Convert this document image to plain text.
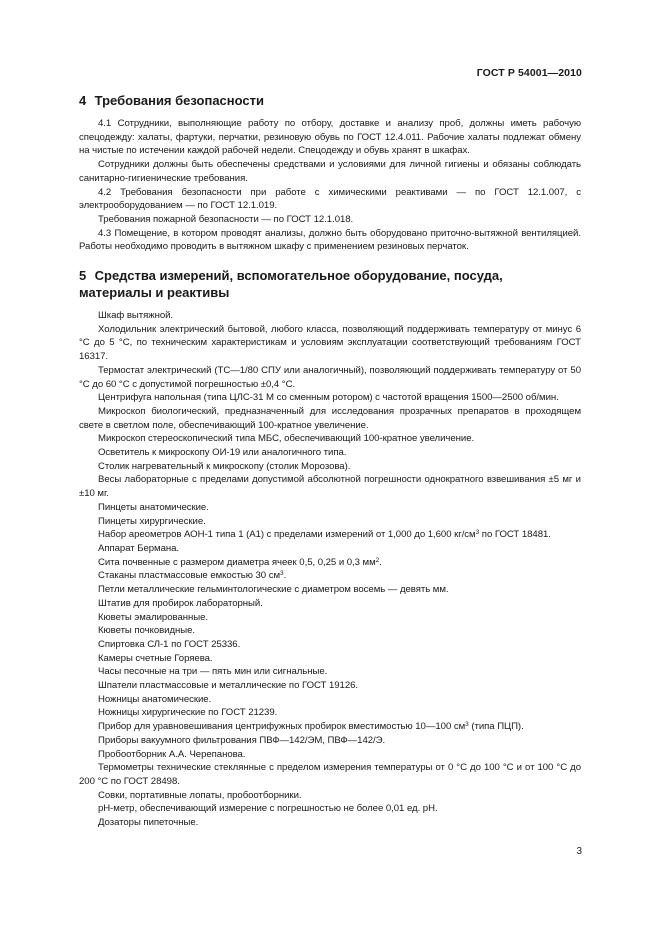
ГОСТ Р 54001—2010
4 Требования безопасности

4.1 Сотрудники, выполняющие работу по отбору, доставке и анализу проб, должны иметь рабочую спецодежду: халаты, фартуки, перчатки, резиновую обувь по ГОСТ 12.4.011. Рабочие халаты подлежат обмену на чистые по истечении каждой рабочей недели. Спецодежду и обувь хранят в шкафах.

Сотрудники должны быть обеспечены средствами и условиями для личной гигиены и обязаны соблюдать санитарно-гигиенические требования.

4.2 Требования безопасности при работе с химическими реактивами — по ГОСТ 12.1.007, с электрооборудованием — по ГОСТ 12.1.019.

Требования пожарной безопасности — по ГОСТ 12.1.018.

4.3 Помещение, в котором проводят анализы, должно быть оборудовано приточно-вытяжной вентиляцией. Работы необходимо проводить в вытяжном шкафу с применением резиновых перчаток.

5 Средства измерений, вспомогательное оборудование, посуда,
материалы и реактивы

Шкаф вытяжной.

Холодильник электрический бытовой, любого класса, позволяющий поддерживать температуру от минус 6 °С до 5 °С, по техническим характеристикам и условиям эксплуатации соответствующий требованиям ГОСТ 16317.

Термостат электрический (ТС—1/80 СПУ или аналогичный), позволяющий поддерживать температуру от 50 °С до 60 °С с допустимой погрешностью ±0,4 °С.

Центрифуга напольная (типа ЦЛС-31 М со сменным ротором) с частотой вращения 1500—2500 об/мин.

Микроскоп биологический, предназначенный для исследования прозрачных препаратов в проходящем свете в светлом поле, обеспечивающий 100-кратное увеличение.

Микроскоп стереоскопический типа МБС, обеспечивающий 100-кратное увеличение.

Осветитель к микроскопу ОИ-19 или аналогичного типа.

Столик нагревательный к микроскопу (столик Морозова).

Весы лабораторные с пределами допустимой абсолютной погрешности однократного взвешивания ±5 мг и ±10 мг.

Пинцеты анатомические.

Пинцеты хирургические.

Набор ареометров АОН-1 типа 1 (А1) с пределами измерений от 1,000 до 1,600 $кг/см^3$ по ГОСТ 18481.

Аппарат Бермана.

Сита почвенные с размером диаметра ячеек 0,5, 0,25 и 0,3 $мм^2$.

Стаканы пластмассовые емкостью 30 $см^3$.

Петли металлические гельминтологические с диаметром восемь — девять мм.

Штатив для пробирок лабораторный.

Кюветы эмалированные.

Кюветы почковидные.

Спиртовка СЛ-1 по ГОСТ 25336.

Камеры счетные Горяева.

Часы песочные на три — пять мин или сигнальные.

Шпатели пластмассовые и металлические по ГОСТ 19126.

Ножницы анатомические.

Ножницы хирургические по ГОСТ 21239.

Прибор для уравновешивания центрифужных пробирок вместимостью 10—100 $см^3$ (типа ПЦП).

Приборы вакуумного фильтрования ПВФ—142/ЭМ, ПВФ—142/Э.

Пробоотборник А.А. Черепанова.

Термометры технические стеклянные с пределом измерения температуры от 0 °С до 100 °С и от 100 °С до 200 °С по ГОСТ 28498.

Совки, портативные лопаты, пробоотборники.

рН-метр, обеспечивающий измерение с погрешностью не более 0,01 ед. рН.

Дозаторы пипеточные.

3
